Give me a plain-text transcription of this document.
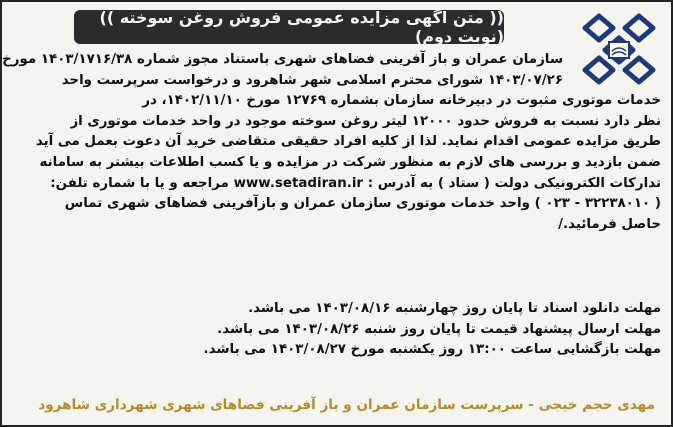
(( متن آگهی مزایده عمومی فروش روغن سوخته )) (نوبت دوم)
سازمان عمران و باز آفرینی فضاهای شهری باستناد مجوز شماره ۱۴۰۳/۱۷۱۶/۳۸ مورخ
۱۴۰۳/۰۷/۲۶ شورای محترم اسلامی شهر شاهرود و درخواست سرپرست واحد
خدمات موتوری مثبوت در دبیرخانه سازمان بشماره ۱۲۷۶۹ مورخ ۱۴۰۲/۱۱/۱۰، در
نظر دارد نسبت به فروش حدود ۱۲۰۰۰ لیتر روغن سوخته موجود در واحد خدمات موتوری از
طریق مزایده عمومی اقدام نماید. لذا از کلیه افراد حقیقی متقاضی خرید آن دعوت بعمل می آید
ضمن بازدید و بررسی های لازم به منظور شرکت در مزایده و یا کسب اطلاعات بیشتر به سامانه
تدارکات الکترونیکی دولت ( ستاد ) به آدرس : www.setadiran.ir مراجعه و یا با شماره تلفن:
( ۳۲۲۳۸۰۱۰ - ۰۲۳ ) واحد خدمات موتوری سازمان عمران و بازآفرینی فضاهای شهری تماس
حاصل فرمائید./
مهلت دانلود اسناد تا پایان روز چهارشنبه ۱۴۰۳/۰۸/۱۶ می باشد.
مهلت ارسال پیشنهاد قیمت تا پایان روز شنبه ۱۴۰۳/۰۸/۲۶ می باشد.
مهلت بازگشایی ساعت ۱۳:۰۰ روز یکشنبه مورخ ۱۴۰۳/۰۸/۲۷ می باشد.
مهدی حجم خیجی - سرپرست سازمان عمران و باز آفرینی فضاهای شهری شهرداری شاهرود
